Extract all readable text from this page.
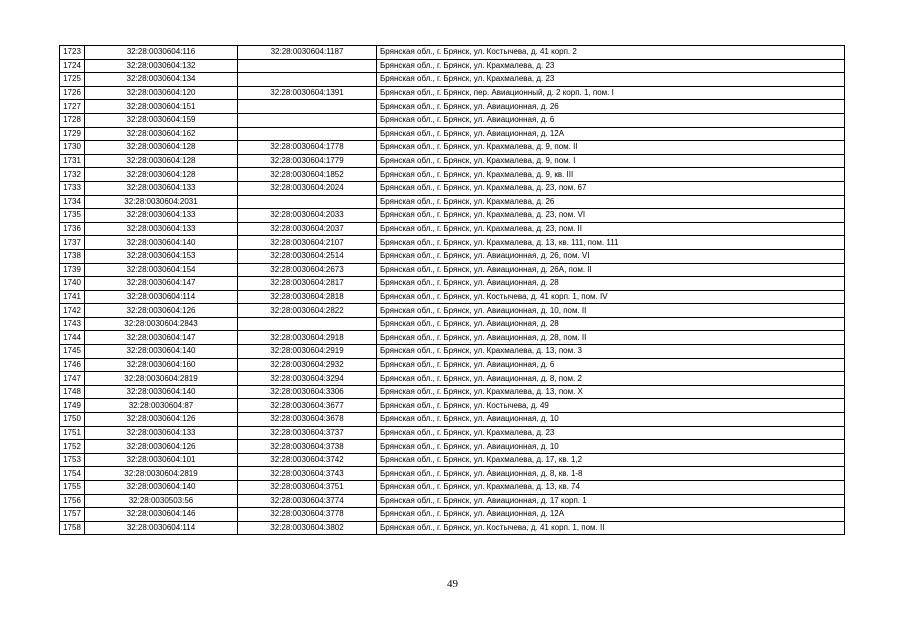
1723	32:28:0030604:116	32:28:0030604:1187	Брянская обл., г. Брянск, ул. Костычева, д. 41 корп. 2
1724	32:28:0030604:132		Брянская обл., г. Брянск, ул. Крахмалева, д. 23
1725	32:28:0030604:134		Брянская обл., г. Брянск, ул. Крахмалева, д. 23
1726	32:28:0030604:120	32:28:0030604:1391	Брянская обл., г. Брянск, пер. Авиационный, д. 2 корп. 1, пом. I
1727	32:28:0030604:151		Брянская обл., г. Брянск, ул. Авиационная, д. 26
1728	32:28:0030604:159		Брянская обл., г. Брянск, ул. Авиационная, д. 6
1729	32:28:0030604:162		Брянская обл., г. Брянск, ул. Авиационная, д. 12А
1730	32:28:0030604:128	32:28:0030604:1778	Брянская обл., г. Брянск, ул. Крахмалева, д. 9, пом. II
1731	32:28:0030604:128	32:28:0030604:1779	Брянская обл., г. Брянск, ул. Крахмалева, д. 9, пом. I
1732	32:28:0030604:128	32:28:0030604:1852	Брянская обл., г. Брянск, ул. Крахмалева, д. 9, кв. III
1733	32:28:0030604:133	32:28:0030604:2024	Брянская обл., г. Брянск, ул. Крахмалева, д. 23, пом. 67
1734	32:28:0030604:2031		Брянская обл., г. Брянск, ул. Крахмалева, д. 26
1735	32:28:0030604:133	32:28:0030604:2033	Брянская обл., г. Брянск, ул. Крахмалева, д. 23, пом. VI
1736	32:28:0030604:133	32:28:0030604:2037	Брянская обл., г. Брянск, ул. Крахмалева, д. 23, пом. II
1737	32:28:0030604:140	32:28:0030604:2107	Брянская обл., г. Брянск, ул. Крахмалева, д. 13, кв. 111, пом. 111
1738	32:28:0030604:153	32:28:0030604:2514	Брянская обл., г. Брянск, ул. Авиационная, д. 26, пом. VI
1739	32:28:0030604:154	32:28:0030604:2673	Брянская обл., г. Брянск, ул. Авиационная, д. 26А, пом. II
1740	32:28:0030604:147	32:28:0030604:2817	Брянская обл., г. Брянск, ул. Авиационная, д. 28
1741	32:28:0030604:114	32:28:0030604:2818	Брянская обл., г. Брянск, ул. Костычева, д. 41 корп. 1, пом. IV
1742	32:28:0030604:126	32:28:0030604:2822	Брянская обл., г. Брянск, ул. Авиационная, д. 10, пом. II
1743	32:28:0030604:2843		Брянская обл., г. Брянск, ул. Авиационная, д. 28
1744	32:28:0030604:147	32:28:0030604:2918	Брянская обл., г. Брянск, ул. Авиационная, д. 28, пом. II
1745	32:28:0030604:140	32:28:0030604:2919	Брянская обл., г. Брянск, ул. Крахмалева, д. 13, пом. 3
1746	32:28:0030604:160	32:28:0030604:2932	Брянская обл., г. Брянск, ул. Авиационная, д. 6
1747	32:28:0030604:2819	32:28:0030604:3294	Брянская обл., г. Брянск, ул. Авиационная, д. 8, пом. 2
1748	32:28:0030604:140	32:28:0030604:3306	Брянская обл., г. Брянск, ул. Крахмалева, д. 13, пом. X
1749	32:28:0030604:87	32:28:0030604:3677	Брянская обл., г. Брянск, ул. Костычева, д. 49
1750	32:28:0030604:126	32:28:0030604:3678	Брянская обл., г. Брянск, ул. Авиационная, д. 10
1751	32:28:0030604:133	32:28:0030604:3737	Брянская обл., г. Брянск, ул. Крахмалева, д. 23
1752	32:28:0030604:126	32:28:0030604:3738	Брянская обл., г. Брянск, ул. Авиационная, д. 10
1753	32:28:0030604:101	32:28:0030604:3742	Брянская обл., г. Брянск, ул. Крахмалева, д. 17, кв. 1,2
1754	32:28:0030604:2819	32:28:0030604:3743	Брянская обл., г. Брянск, ул. Авиационная, д. 8, кв. 1-8
1755	32:28:0030604:140	32:28:0030604:3751	Брянская обл., г. Брянск, ул. Крахмалева, д. 13, кв. 74
1756	32:28:0030503:56	32:28:0030604:3774	Брянская обл., г. Брянск, ул. Авиационная, д. 17 корп. 1
1757	32:28:0030604:146	32:28:0030604:3778	Брянская обл., г. Брянск, ул. Авиационная, д. 12А
1758	32:28:0030604:114	32:28:0030604:3802	Брянская обл., г. Брянск, ул. Костычева, д. 41 корп. 1, пом. II
49
